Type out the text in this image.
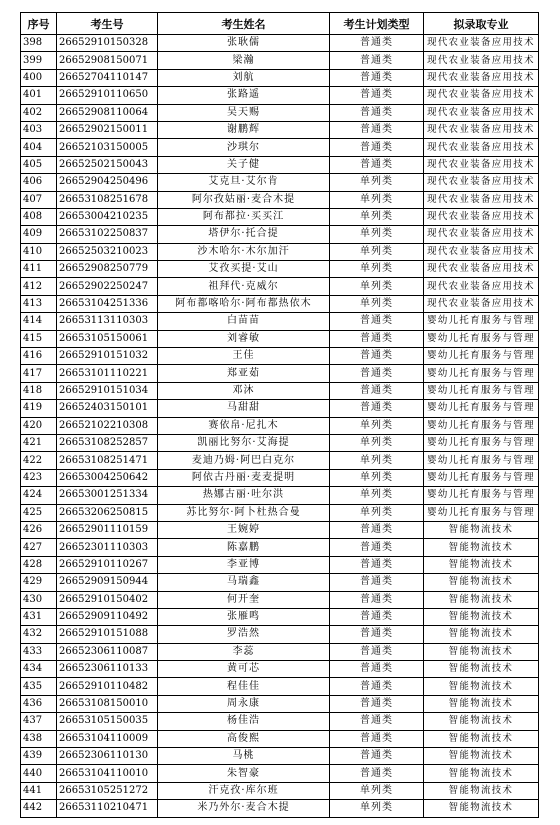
序号	考生号	考生姓名	考生计划类型	拟录取专业
398	26652910150328	张耿儒	普通类	现代农业装备应用技术
399	26652908150071	梁瀚	普通类	现代农业装备应用技术
400	26652704110147	刘航	普通类	现代农业装备应用技术
401	26652910110650	张路遥	普通类	现代农业装备应用技术
402	26652908110064	吴天赐	普通类	现代农业装备应用技术
403	26652902150011	谢鹏辉	普通类	现代农业装备应用技术
404	26652103150005	沙琪尔	普通类	现代农业装备应用技术
405	26652502150043	关子健	普通类	现代农业装备应用技术
406	26652904250496	艾克旦·艾尔肯	单列类	现代农业装备应用技术
407	26653108251678	阿尔孜姑丽·麦合木提	单列类	现代农业装备应用技术
408	26653004210235	阿布都拉·买买江	单列类	现代农业装备应用技术
409	26653102250837	塔伊尔·托合提	单列类	现代农业装备应用技术
410	26652503210023	沙木哈尔·木尔加汗	单列类	现代农业装备应用技术
411	26652908250779	艾孜买提·艾山	单列类	现代农业装备应用技术
412	26652902250247	祖拜代·克威尔	单列类	现代农业装备应用技术
413	26653104251336	阿布都喀哈尔·阿布都热依木	单列类	现代农业装备应用技术
414	26653113110303	白苗苗	普通类	婴幼儿托育服务与管理
415	26653105150061	刘睿敏	普通类	婴幼儿托育服务与管理
416	26652910151032	王佳	普通类	婴幼儿托育服务与管理
417	26653101110221	郑亚茹	普通类	婴幼儿托育服务与管理
418	26652910151034	邓沐	普通类	婴幼儿托育服务与管理
419	26652403150101	马甜甜	普通类	婴幼儿托育服务与管理
420	26652102210308	赛依帛·尼扎木	单列类	婴幼儿托育服务与管理
421	26653108252857	凯丽比努尔·艾海提	单列类	婴幼儿托育服务与管理
422	26653108251471	麦迪乃姆·阿巴白克尔	单列类	婴幼儿托育服务与管理
423	26653004250642	阿依古丹丽·麦麦提明	单列类	婴幼儿托育服务与管理
424	26653001251334	热娜古丽·吐尔洪	单列类	婴幼儿托育服务与管理
425	26653206250815	苏比努尔·阿卜杜热合曼	单列类	婴幼儿托育服务与管理
426	26652901110159	王婉婷	普通类	智能物流技术
427	26652301110303	陈嘉鹏	普通类	智能物流技术
428	26652910110267	李亚博	普通类	智能物流技术
429	26652909150944	马瑞鑫	普通类	智能物流技术
430	26652910150402	何开奎	普通类	智能物流技术
431	26652909110492	张雁鸣	普通类	智能物流技术
432	26652910151088	罗浩然	普通类	智能物流技术
433	26652306110087	李蕊	普通类	智能物流技术
434	26652306110133	黄可芯	普通类	智能物流技术
435	26652910110482	程佳佳	普通类	智能物流技术
436	26653108150010	周永康	普通类	智能物流技术
437	26653105150035	杨佳浩	普通类	智能物流技术
438	26653104110009	高俊熙	普通类	智能物流技术
439	26652306110130	马桃	普通类	智能物流技术
440	26653104110010	朱智豪	普通类	智能物流技术
441	26653105251272	汗克孜·库尔班	单列类	智能物流技术
442	26653110210471	米乃外尔·麦合木提	单列类	智能物流技术
